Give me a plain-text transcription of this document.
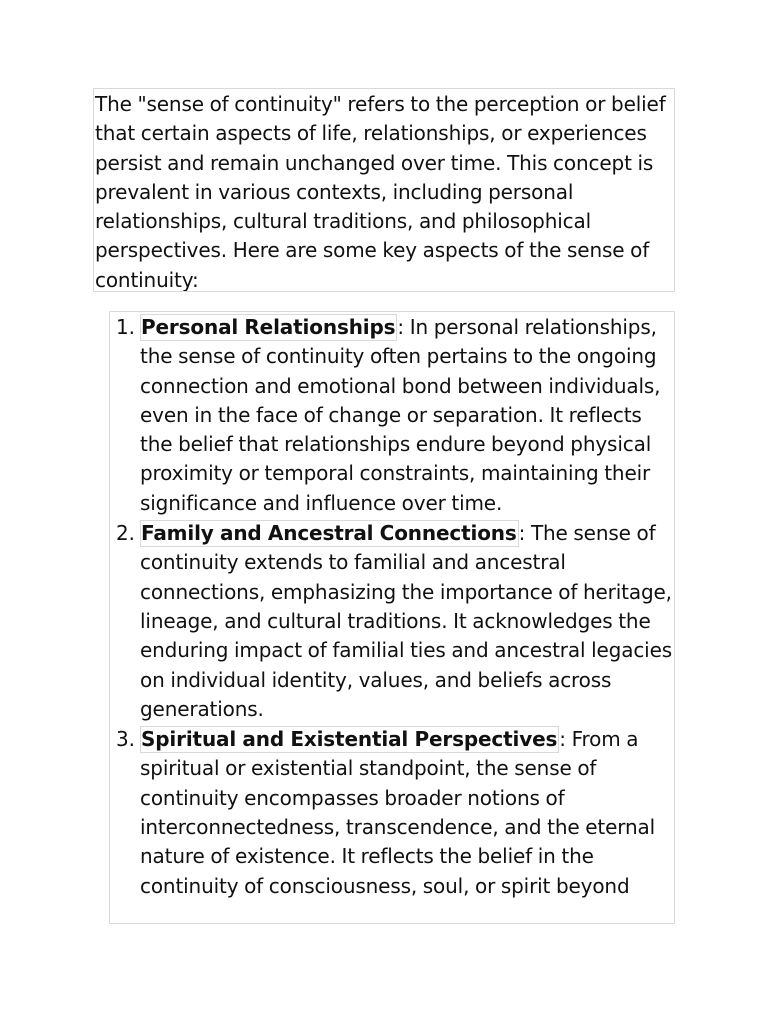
The "sense of continuity" refers to the perception or belief that certain aspects of life, relationships, or experiences persist and remain unchanged over time. This concept is prevalent in various contexts, including personal relationships, cultural traditions, and philosophical perspectives. Here are some key aspects of the sense of continuity:

1. Personal Relationships : In personal relationships, the sense of continuity often pertains to the ongoing connection and emotional bond between individuals, even in the face of change or separation. It reflects the belief that relationships endure beyond physical proximity or temporal constraints, maintaining their significance and influence over time.
2. Family and Ancestral Connections : The sense of continuity extends to familial and ancestral connections, emphasizing the importance of heritage, lineage, and cultural traditions. It acknowledges the enduring impact of familial ties and ancestral legacies on individual identity, values, and beliefs across generations.
3. Spiritual and Existential Perspectives : From a spiritual or existential standpoint, the sense of continuity encompasses broader notions of interconnectedness, transcendence, and the eternal nature of existence. It reflects the belief in the continuity of consciousness, soul, or spirit beyond
